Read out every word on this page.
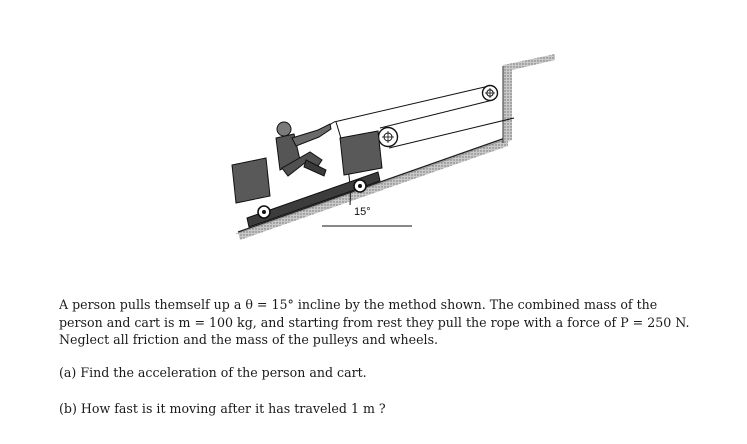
15°

A person pulls themself up a θ = 15° incline by the method shown. The combined mass of the person and cart is m = 100 kg, and starting from rest they pull the rope with a force of P = 250 N. Neglect all friction and the mass of the pulleys and wheels.

(a) Find the acceleration of the person and cart.

(b) How fast is it moving after it has traveled 1 m ?
